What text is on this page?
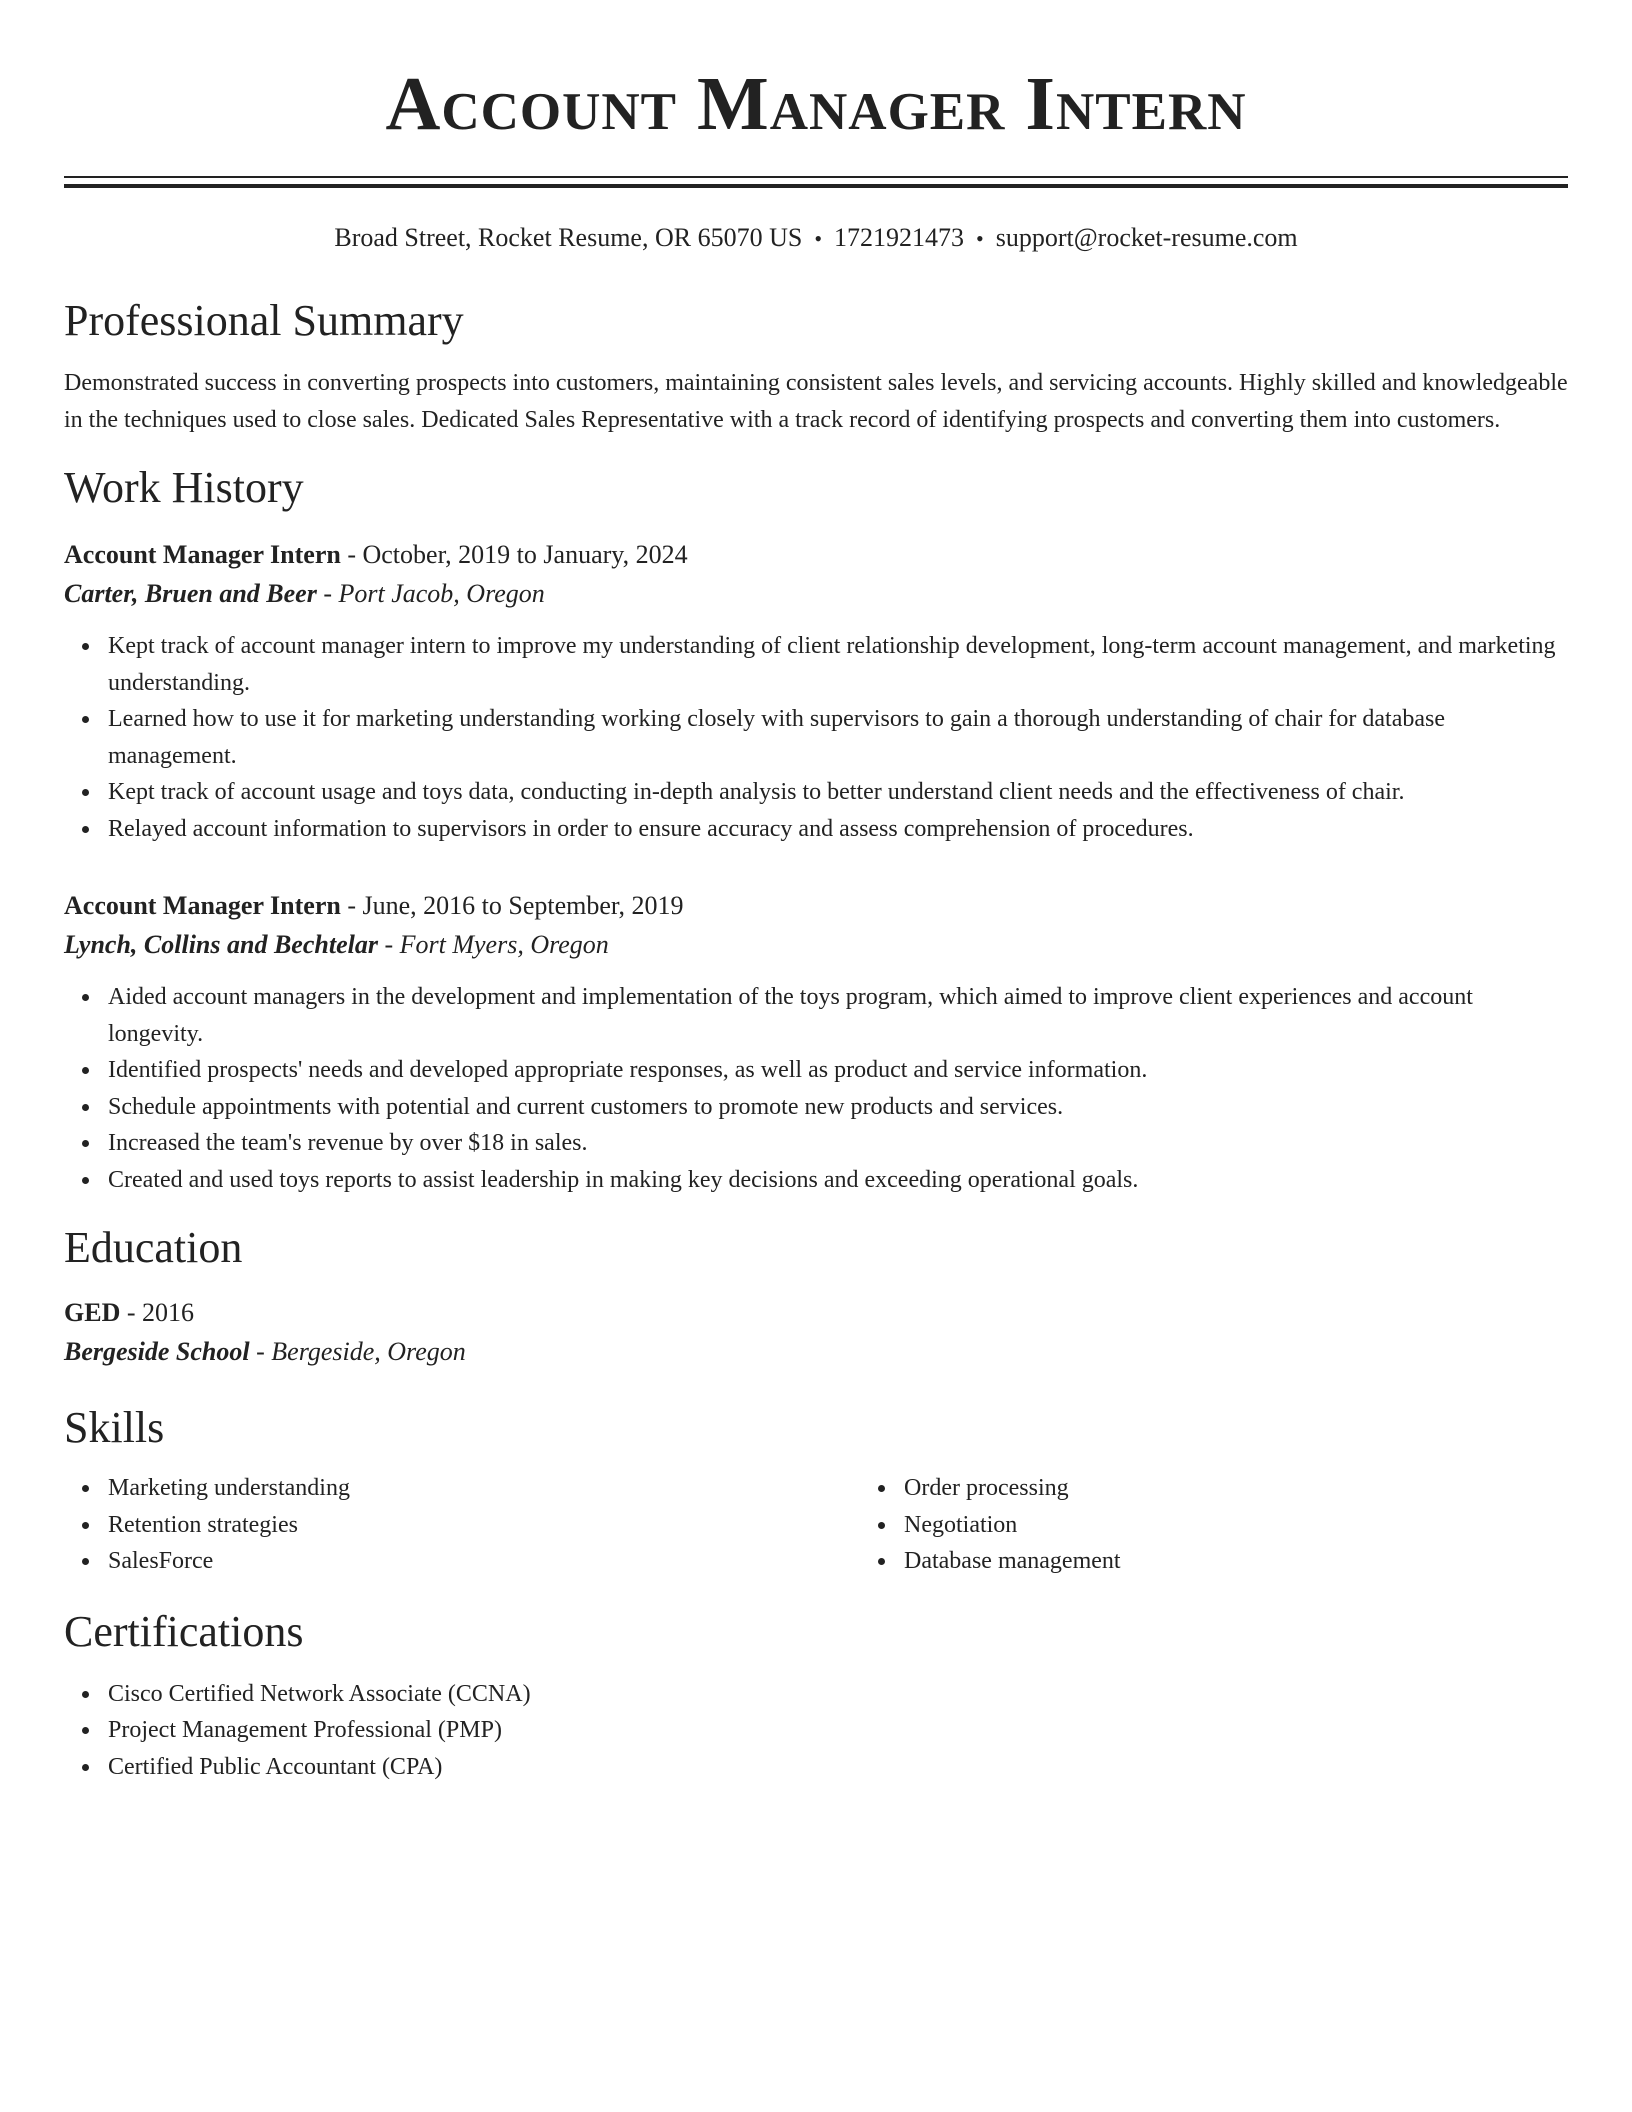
Account Manager Intern
Broad Street, Rocket Resume, OR 65070 US • 1721921473 • support@rocket-resume.com
Professional Summary

Demonstrated success in converting prospects into customers, maintaining consistent sales levels, and servicing accounts. Highly skilled and knowledgeable in the techniques used to close sales. Dedicated Sales Representative with a track record of identifying prospects and converting them into customers.

Work History
Account Manager Intern - October, 2019 to January, 2024
Carter, Bruen and Beer - Port Jacob, Oregon
Kept track of account manager intern to improve my understanding of client relationship development, long-term account management, and marketing understanding.
Learned how to use it for marketing understanding working closely with supervisors to gain a thorough understanding of chair for database management.
Kept track of account usage and toys data, conducting in-depth analysis to better understand client needs and the effectiveness of chair.
Relayed account information to supervisors in order to ensure accuracy and assess comprehension of procedures.
Account Manager Intern - June, 2016 to September, 2019
Lynch, Collins and Bechtelar - Fort Myers, Oregon
Aided account managers in the development and implementation of the toys program, which aimed to improve client experiences and account longevity.
Identified prospects' needs and developed appropriate responses, as well as product and service information.
Schedule appointments with potential and current customers to promote new products and services.
Increased the team's revenue by over $18 in sales.
Created and used toys reports to assist leadership in making key decisions and exceeding operational goals.
Education
GED - 2016
Bergeside School - Bergeside, Oregon
Skills
Marketing understanding
Retention strategies
SalesForce
Order processing
Negotiation
Database management
Certifications
Cisco Certified Network Associate (CCNA)
Project Management Professional (PMP)
Certified Public Accountant (CPA)
